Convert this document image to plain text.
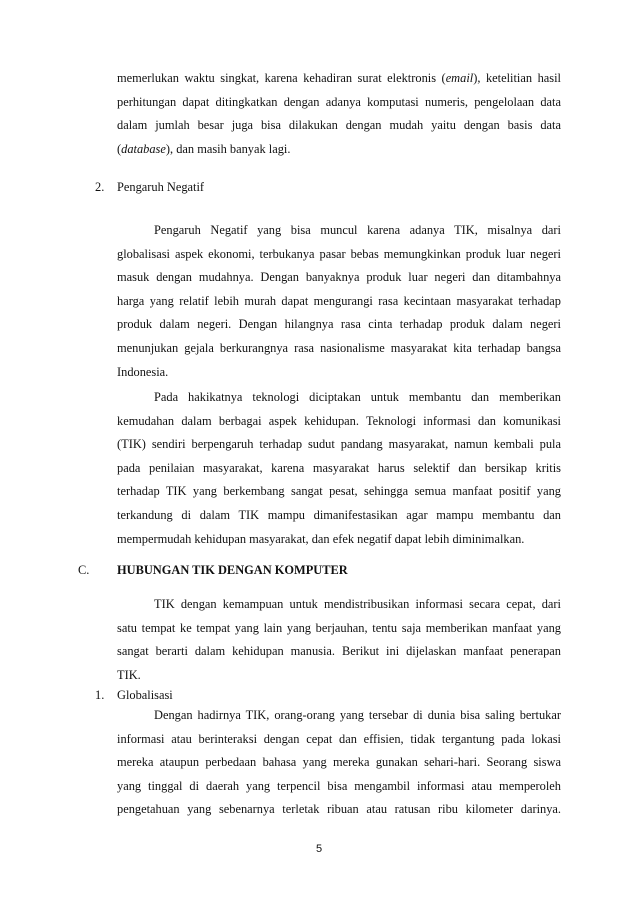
memerlukan waktu singkat, karena kehadiran surat elektronis (email), ketelitian hasil
perhitungan dapat ditingkatkan dengan adanya komputasi numeris, pengelolaan data
dalam jumlah besar juga bisa dilakukan dengan mudah yaitu dengan basis data
(database), dan masih banyak lagi.
2. Pengaruh Negatif
Pengaruh Negatif yang bisa muncul karena adanya TIK, misalnya dari
globalisasi aspek ekonomi, terbukanya pasar bebas memungkinkan produk luar negeri
masuk dengan mudahnya. Dengan banyaknya produk luar negeri dan ditambahnya
harga yang relatif lebih murah dapat mengurangi rasa kecintaan masyarakat terhadap
produk dalam negeri. Dengan hilangnya rasa cinta terhadap produk dalam negeri
menunjukan gejala berkurangnya rasa nasionalisme masyarakat kita terhadap bangsa
Indonesia.
Pada hakikatnya teknologi diciptakan untuk membantu dan memberikan
kemudahan dalam berbagai aspek kehidupan. Teknologi informasi dan komunikasi
(TIK) sendiri berpengaruh terhadap sudut pandang masyarakat, namun kembali pula
pada penilaian masyarakat, karena masyarakat harus selektif dan bersikap kritis
terhadap TIK yang berkembang sangat pesat, sehingga semua manfaat positif yang
terkandung di dalam TIK mampu dimanifestasikan agar mampu membantu dan
mempermudah kehidupan masyarakat, dan efek negatif dapat lebih diminimalkan.
C. HUBUNGAN TIK DENGAN KOMPUTER
TIK dengan kemampuan untuk mendistribusikan informasi secara cepat, dari
satu tempat ke tempat yang lain yang berjauhan, tentu saja memberikan manfaat yang
sangat berarti dalam kehidupan manusia. Berikut ini dijelaskan manfaat penerapan
TIK.
1. Globalisasi
Dengan hadirnya TIK, orang-orang yang tersebar di dunia bisa saling bertukar
informasi atau berinteraksi dengan cepat dan effisien, tidak tergantung pada lokasi
mereka ataupun perbedaan bahasa yang mereka gunakan sehari-hari. Seorang siswa
yang tinggal di daerah yang terpencil bisa mengambil informasi atau memperoleh
pengetahuan yang sebenarnya terletak ribuan atau ratusan ribu kilometer darinya.
5
